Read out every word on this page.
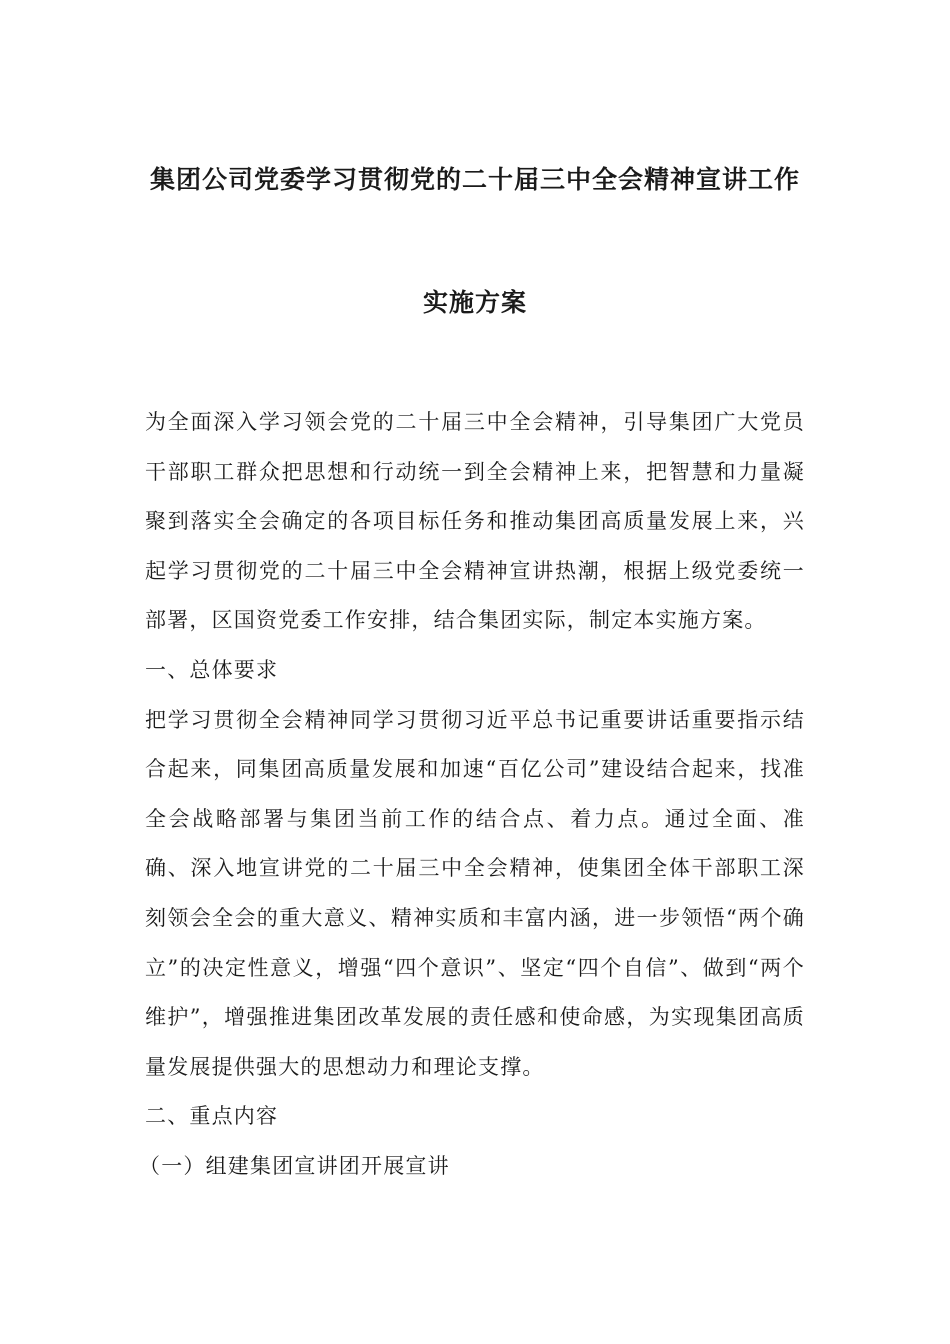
集团公司党委学习贯彻党的二十届三中全会精神宣讲工作
实施方案

为全面深入学习领会党的二十届三中全会精神，引导集团广大党员干部职工群众把思想和行动统一到全会精神上来，把智慧和力量凝聚到落实全会确定的各项目标任务和推动集团高质量发展上来，兴起学习贯彻党的二十届三中全会精神宣讲热潮，根据上级党委统一部署，区国资党委工作安排，结合集团实际，制定本实施方案。

一、总体要求

把学习贯彻全会精神同学习贯彻习近平总书记重要讲话重要指示结合起来，同集团高质量发展和加速“百亿公司”建设结合起来，找准全会战略部署与集团当前工作的结合点、着力点。通过全面、准确、深入地宣讲党的二十届三中全会精神，使集团全体干部职工深刻领会全会的重大意义、精神实质和丰富内涵，进一步领悟“两个确立”的决定性意义，增强“四个意识”、坚定“四个自信”、做到“两个维护”，增强推进集团改革发展的责任感和使命感，为实现集团高质量发展提供强大的思想动力和理论支撑。

二、重点内容

（一）组建集团宣讲团开展宣讲
